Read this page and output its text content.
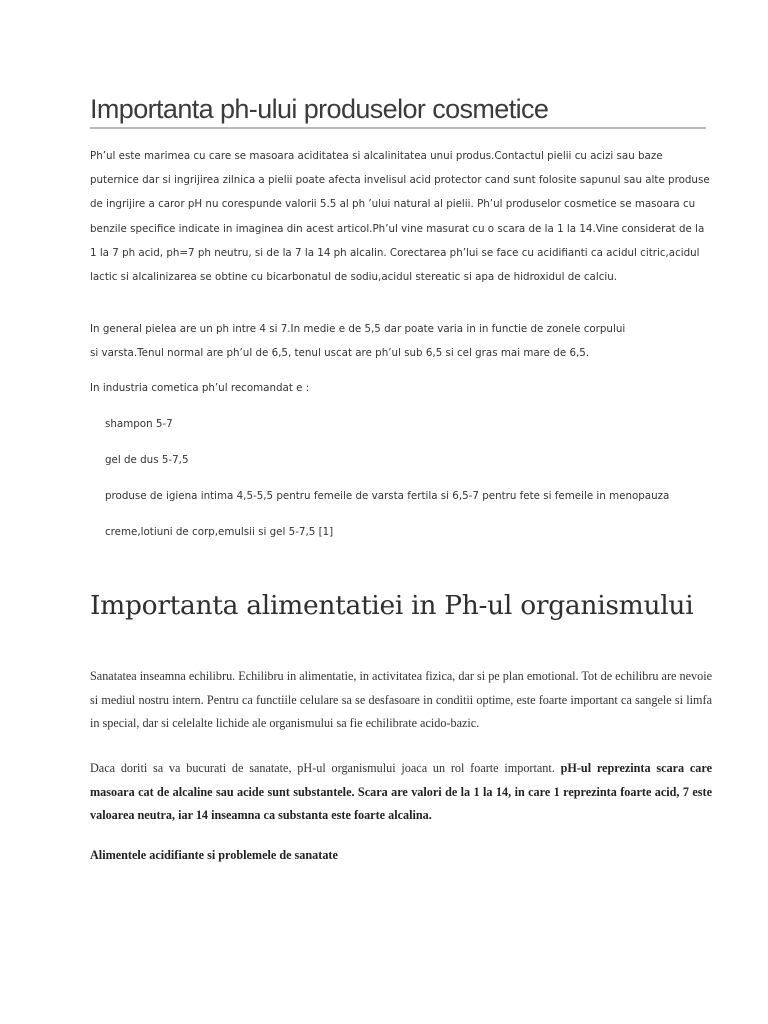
Importanta ph-ului produselor cosmetice
Ph’ul este marimea cu care se masoara aciditatea si alcalinitatea unui produs.Contactul pielii cu acizi sau baze puternice dar si ingrijirea zilnica a pielii poate afecta invelisul acid protector cand sunt folosite sapunul sau alte produse de ingrijire a caror pH nu corespunde valorii 5.5 al ph ’ului natural al pielii. Ph’ul produselor cosmetice se masoara cu benzile specifice indicate in imaginea din acest articol.Ph’ul vine masurat cu o scara de la 1 la 14.Vine considerat de la 1 la 7 ph acid, ph=7 ph neutru, si de la 7 la 14 ph alcalin. Corectarea ph’lui se face cu acidifianti ca acidul citric,acidul lactic si alcalinizarea se obtine cu bicarbonatul de sodiu,acidul stereatic si apa de hidroxidul de calciu.
In general pielea are un ph intre 4 si 7.In medie e de 5,5 dar poate varia in in functie de zonele corpului
si varsta.Tenul normal are ph’ul de 6,5, tenul uscat are ph’ul sub 6,5 si cel gras mai mare de 6,5.
In industria cometica ph’ul recomandat e :
shampon 5-7
gel de dus 5-7,5
produse de igiena intima 4,5-5,5 pentru femeile de varsta fertila si 6,5-7 pentru fete si femeile in menopauza
creme,lotiuni de corp,emulsii si gel 5-7,5 [1]
Importanta alimentatiei in Ph-ul organismului
Sanatatea inseamna echilibru. Echilibru in alimentatie, in activitatea fizica, dar si pe plan emotional. Tot de echilibru are nevoie si mediul nostru intern. Pentru ca functiile celulare sa se desfasoare in conditii optime, este foarte important ca sangele si limfa in special, dar si celelalte lichide ale organismului sa fie echilibrate acido-bazic.
Daca doriti sa va bucurati de sanatate, pH-ul organismului joaca un rol foarte important. pH-ul reprezinta scara care masoara cat de alcaline sau acide sunt substantele. Scara are valori de la 1 la 14, in care 1 reprezinta foarte acid, 7 este valoarea neutra, iar 14 inseamna ca substanta este foarte alcalina.
Alimentele acidifiante si problemele de sanatate
